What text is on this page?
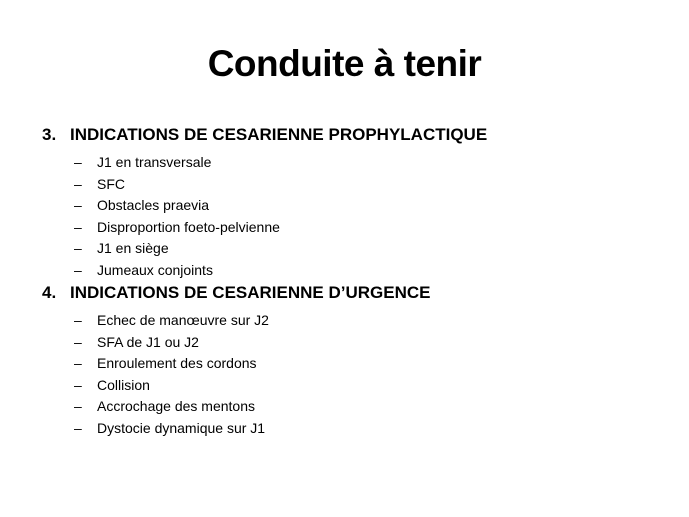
Conduite à tenir
3. INDICATIONS DE CESARIENNE PROPHYLACTIQUE
–	J1 en transversale
–	SFC
–	Obstacles praevia
–	Disproportion foeto-pelvienne
–	J1 en siège
–	Jumeaux conjoints
4. INDICATIONS DE CESARIENNE D’URGENCE
–	Echec de manœuvre sur J2
–	SFA de J1 ou J2
–	Enroulement des cordons
–	Collision
–	Accrochage des mentons
–	Dystocie dynamique sur J1
